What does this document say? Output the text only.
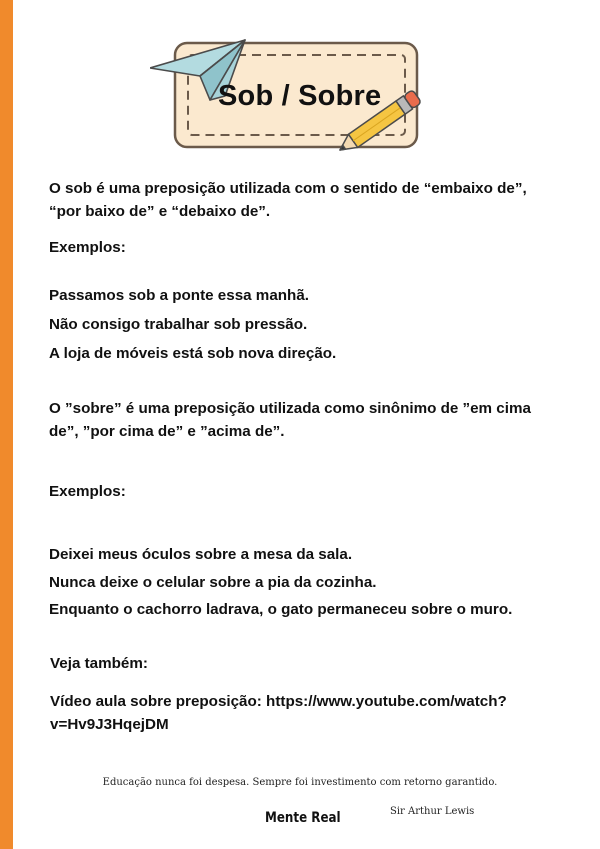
Sob / Sobre
O sob é uma preposição utilizada com o sentido de “embaixo de”, “por baixo de” e “debaixo de”.
Exemplos:
Passamos sob a ponte essa manhã.
Não consigo trabalhar sob pressão.
A loja de móveis está sob nova direção.
O ”sobre” é uma preposição utilizada como sinônimo de ”em cima de”, ”por cima de” e ”acima de”.
Exemplos:
Deixei meus óculos sobre a mesa da sala.
Nunca deixe o celular sobre a pia da cozinha.
Enquanto o cachorro ladrava, o gato permaneceu sobre o muro.
Veja também:
Vídeo aula sobre preposição: https://www.youtube.com/watch?v=Hv9J3HqejDM
Educação nunca foi despesa. Sempre foi investimento com retorno garantido.
Mente Real	Sir Arthur Lewis
